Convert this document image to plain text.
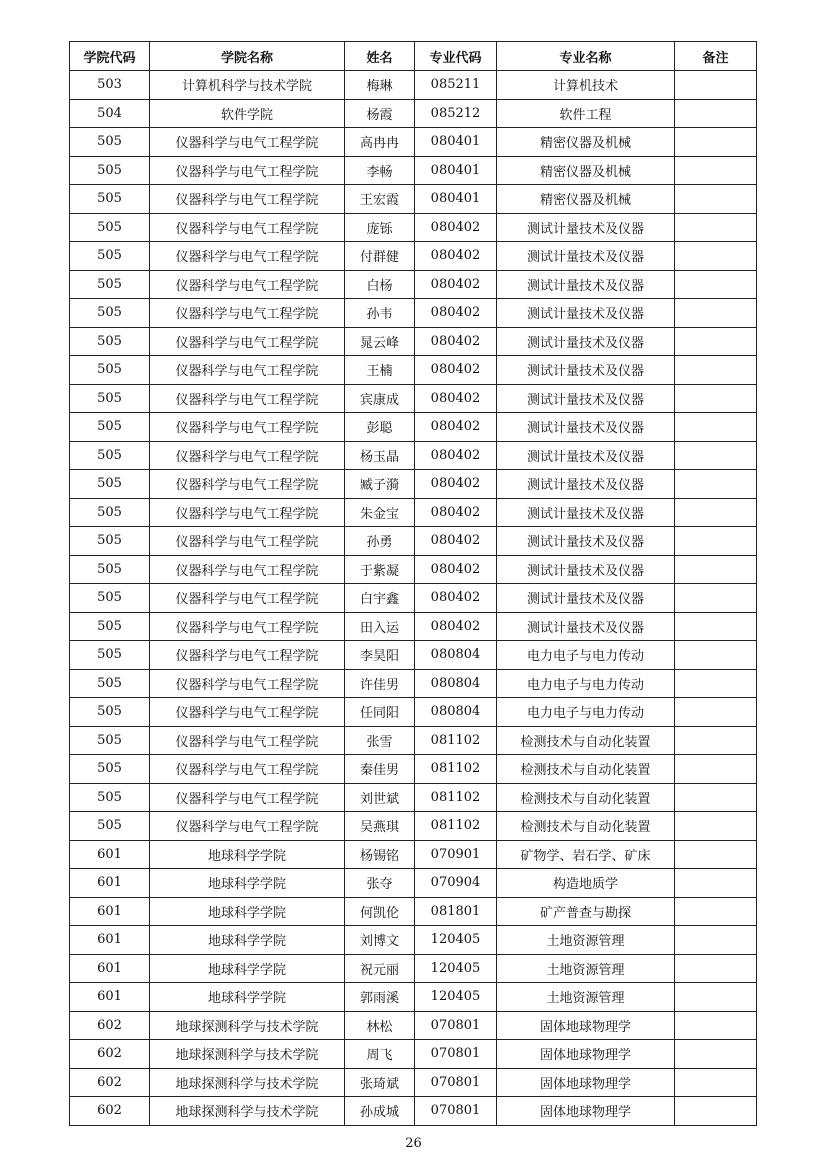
学院代码	学院名称	姓名	专业代码	专业名称	备注
503	计算机科学与技术学院	梅琳	085211	计算机技术	
504	软件学院	杨霞	085212	软件工程	
505	仪器科学与电气工程学院	高冉冉	080401	精密仪器及机械	
505	仪器科学与电气工程学院	李畅	080401	精密仪器及机械	
505	仪器科学与电气工程学院	王宏霞	080401	精密仪器及机械	
505	仪器科学与电气工程学院	庞铄	080402	测试计量技术及仪器	
505	仪器科学与电气工程学院	付群健	080402	测试计量技术及仪器	
505	仪器科学与电气工程学院	白杨	080402	测试计量技术及仪器	
505	仪器科学与电气工程学院	孙韦	080402	测试计量技术及仪器	
505	仪器科学与电气工程学院	晁云峰	080402	测试计量技术及仪器	
505	仪器科学与电气工程学院	王楠	080402	测试计量技术及仪器	
505	仪器科学与电气工程学院	宾康成	080402	测试计量技术及仪器	
505	仪器科学与电气工程学院	彭聪	080402	测试计量技术及仪器	
505	仪器科学与电气工程学院	杨玉晶	080402	测试计量技术及仪器	
505	仪器科学与电气工程学院	臧子漪	080402	测试计量技术及仪器	
505	仪器科学与电气工程学院	朱金宝	080402	测试计量技术及仪器	
505	仪器科学与电气工程学院	孙勇	080402	测试计量技术及仪器	
505	仪器科学与电气工程学院	于紫凝	080402	测试计量技术及仪器	
505	仪器科学与电气工程学院	白宇鑫	080402	测试计量技术及仪器	
505	仪器科学与电气工程学院	田入运	080402	测试计量技术及仪器	
505	仪器科学与电气工程学院	李昊阳	080804	电力电子与电力传动	
505	仪器科学与电气工程学院	许佳男	080804	电力电子与电力传动	
505	仪器科学与电气工程学院	任同阳	080804	电力电子与电力传动	
505	仪器科学与电气工程学院	张雪	081102	检测技术与自动化装置	
505	仪器科学与电气工程学院	秦佳男	081102	检测技术与自动化装置	
505	仪器科学与电气工程学院	刘世斌	081102	检测技术与自动化装置	
505	仪器科学与电气工程学院	吴燕琪	081102	检测技术与自动化装置	
601	地球科学学院	杨锡铭	070901	矿物学、岩石学、矿床	
601	地球科学学院	张夺	070904	构造地质学	
601	地球科学学院	何凯伦	081801	矿产普查与勘探	
601	地球科学学院	刘博文	120405	土地资源管理	
601	地球科学学院	祝元丽	120405	土地资源管理	
601	地球科学学院	郭雨溪	120405	土地资源管理	
602	地球探测科学与技术学院	林松	070801	固体地球物理学	
602	地球探测科学与技术学院	周飞	070801	固体地球物理学	
602	地球探测科学与技术学院	张琦斌	070801	固体地球物理学	
602	地球探测科学与技术学院	孙成城	070801	固体地球物理学	
26
